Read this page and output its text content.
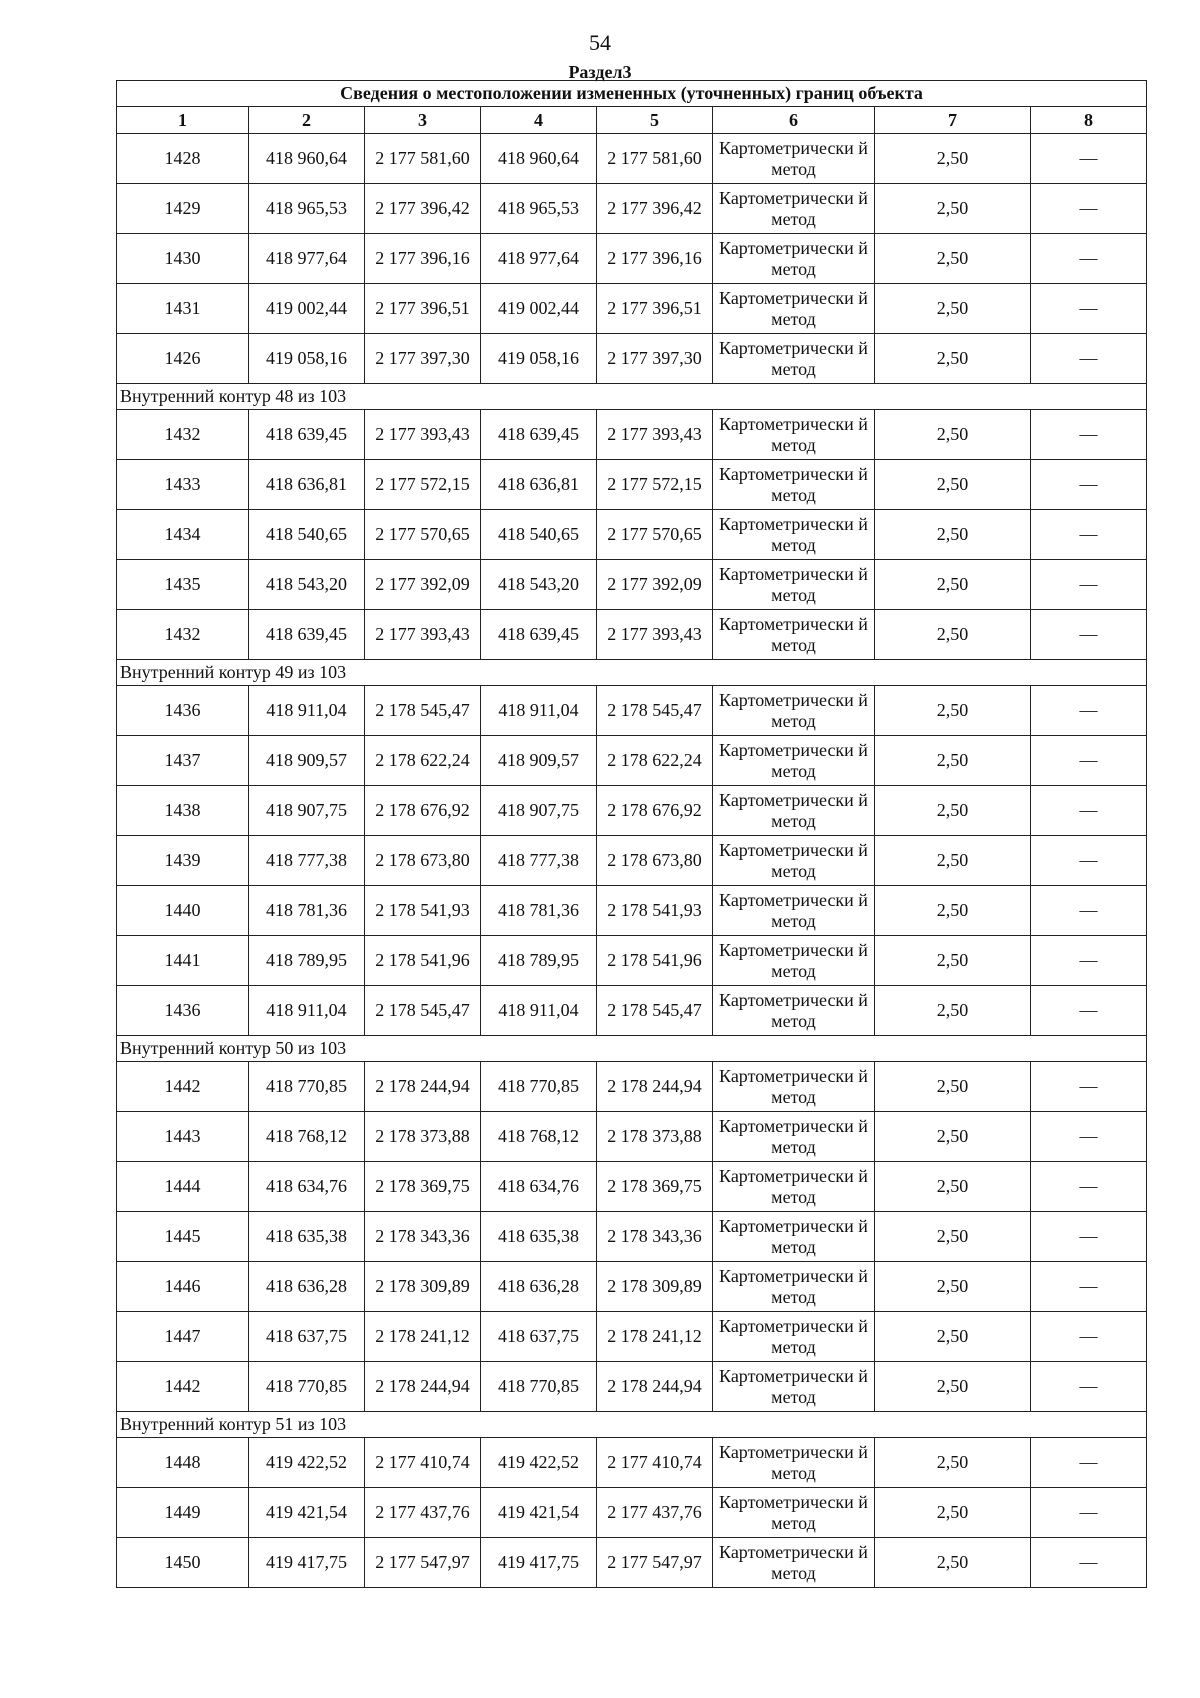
54
Раздел3
Сведения о местоположении измененных (уточненных) границ объекта							
1	2	3	4	5	6	7	8
1428	418 960,64	2 177 581,60	418 960,64	2 177 581,60	Картометрически й метод	2,50	—
1429	418 965,53	2 177 396,42	418 965,53	2 177 396,42	Картометрически й метод	2,50	—
1430	418 977,64	2 177 396,16	418 977,64	2 177 396,16	Картометрически й метод	2,50	—
1431	419 002,44	2 177 396,51	419 002,44	2 177 396,51	Картометрически й метод	2,50	—
1426	419 058,16	2 177 397,30	419 058,16	2 177 397,30	Картометрически й метод	2,50	—
Внутренний контур 48 из 103							
1432	418 639,45	2 177 393,43	418 639,45	2 177 393,43	Картометрически й метод	2,50	—
1433	418 636,81	2 177 572,15	418 636,81	2 177 572,15	Картометрически й метод	2,50	—
1434	418 540,65	2 177 570,65	418 540,65	2 177 570,65	Картометрически й метод	2,50	—
1435	418 543,20	2 177 392,09	418 543,20	2 177 392,09	Картометрически й метод	2,50	—
1432	418 639,45	2 177 393,43	418 639,45	2 177 393,43	Картометрически й метод	2,50	—
Внутренний контур 49 из 103							
1436	418 911,04	2 178 545,47	418 911,04	2 178 545,47	Картометрически й метод	2,50	—
1437	418 909,57	2 178 622,24	418 909,57	2 178 622,24	Картометрически й метод	2,50	—
1438	418 907,75	2 178 676,92	418 907,75	2 178 676,92	Картометрически й метод	2,50	—
1439	418 777,38	2 178 673,80	418 777,38	2 178 673,80	Картометрически й метод	2,50	—
1440	418 781,36	2 178 541,93	418 781,36	2 178 541,93	Картометрически й метод	2,50	—
1441	418 789,95	2 178 541,96	418 789,95	2 178 541,96	Картометрически й метод	2,50	—
1436	418 911,04	2 178 545,47	418 911,04	2 178 545,47	Картометрически й метод	2,50	—
Внутренний контур 50 из 103							
1442	418 770,85	2 178 244,94	418 770,85	2 178 244,94	Картометрически й метод	2,50	—
1443	418 768,12	2 178 373,88	418 768,12	2 178 373,88	Картометрически й метод	2,50	—
1444	418 634,76	2 178 369,75	418 634,76	2 178 369,75	Картометрически й метод	2,50	—
1445	418 635,38	2 178 343,36	418 635,38	2 178 343,36	Картометрически й метод	2,50	—
1446	418 636,28	2 178 309,89	418 636,28	2 178 309,89	Картометрически й метод	2,50	—
1447	418 637,75	2 178 241,12	418 637,75	2 178 241,12	Картометрически й метод	2,50	—
1442	418 770,85	2 178 244,94	418 770,85	2 178 244,94	Картометрически й метод	2,50	—
Внутренний контур 51 из 103							
1448	419 422,52	2 177 410,74	419 422,52	2 177 410,74	Картометрически й метод	2,50	—
1449	419 421,54	2 177 437,76	419 421,54	2 177 437,76	Картометрически й метод	2,50	—
1450	419 417,75	2 177 547,97	419 417,75	2 177 547,97	Картометрически й метод	2,50	—
